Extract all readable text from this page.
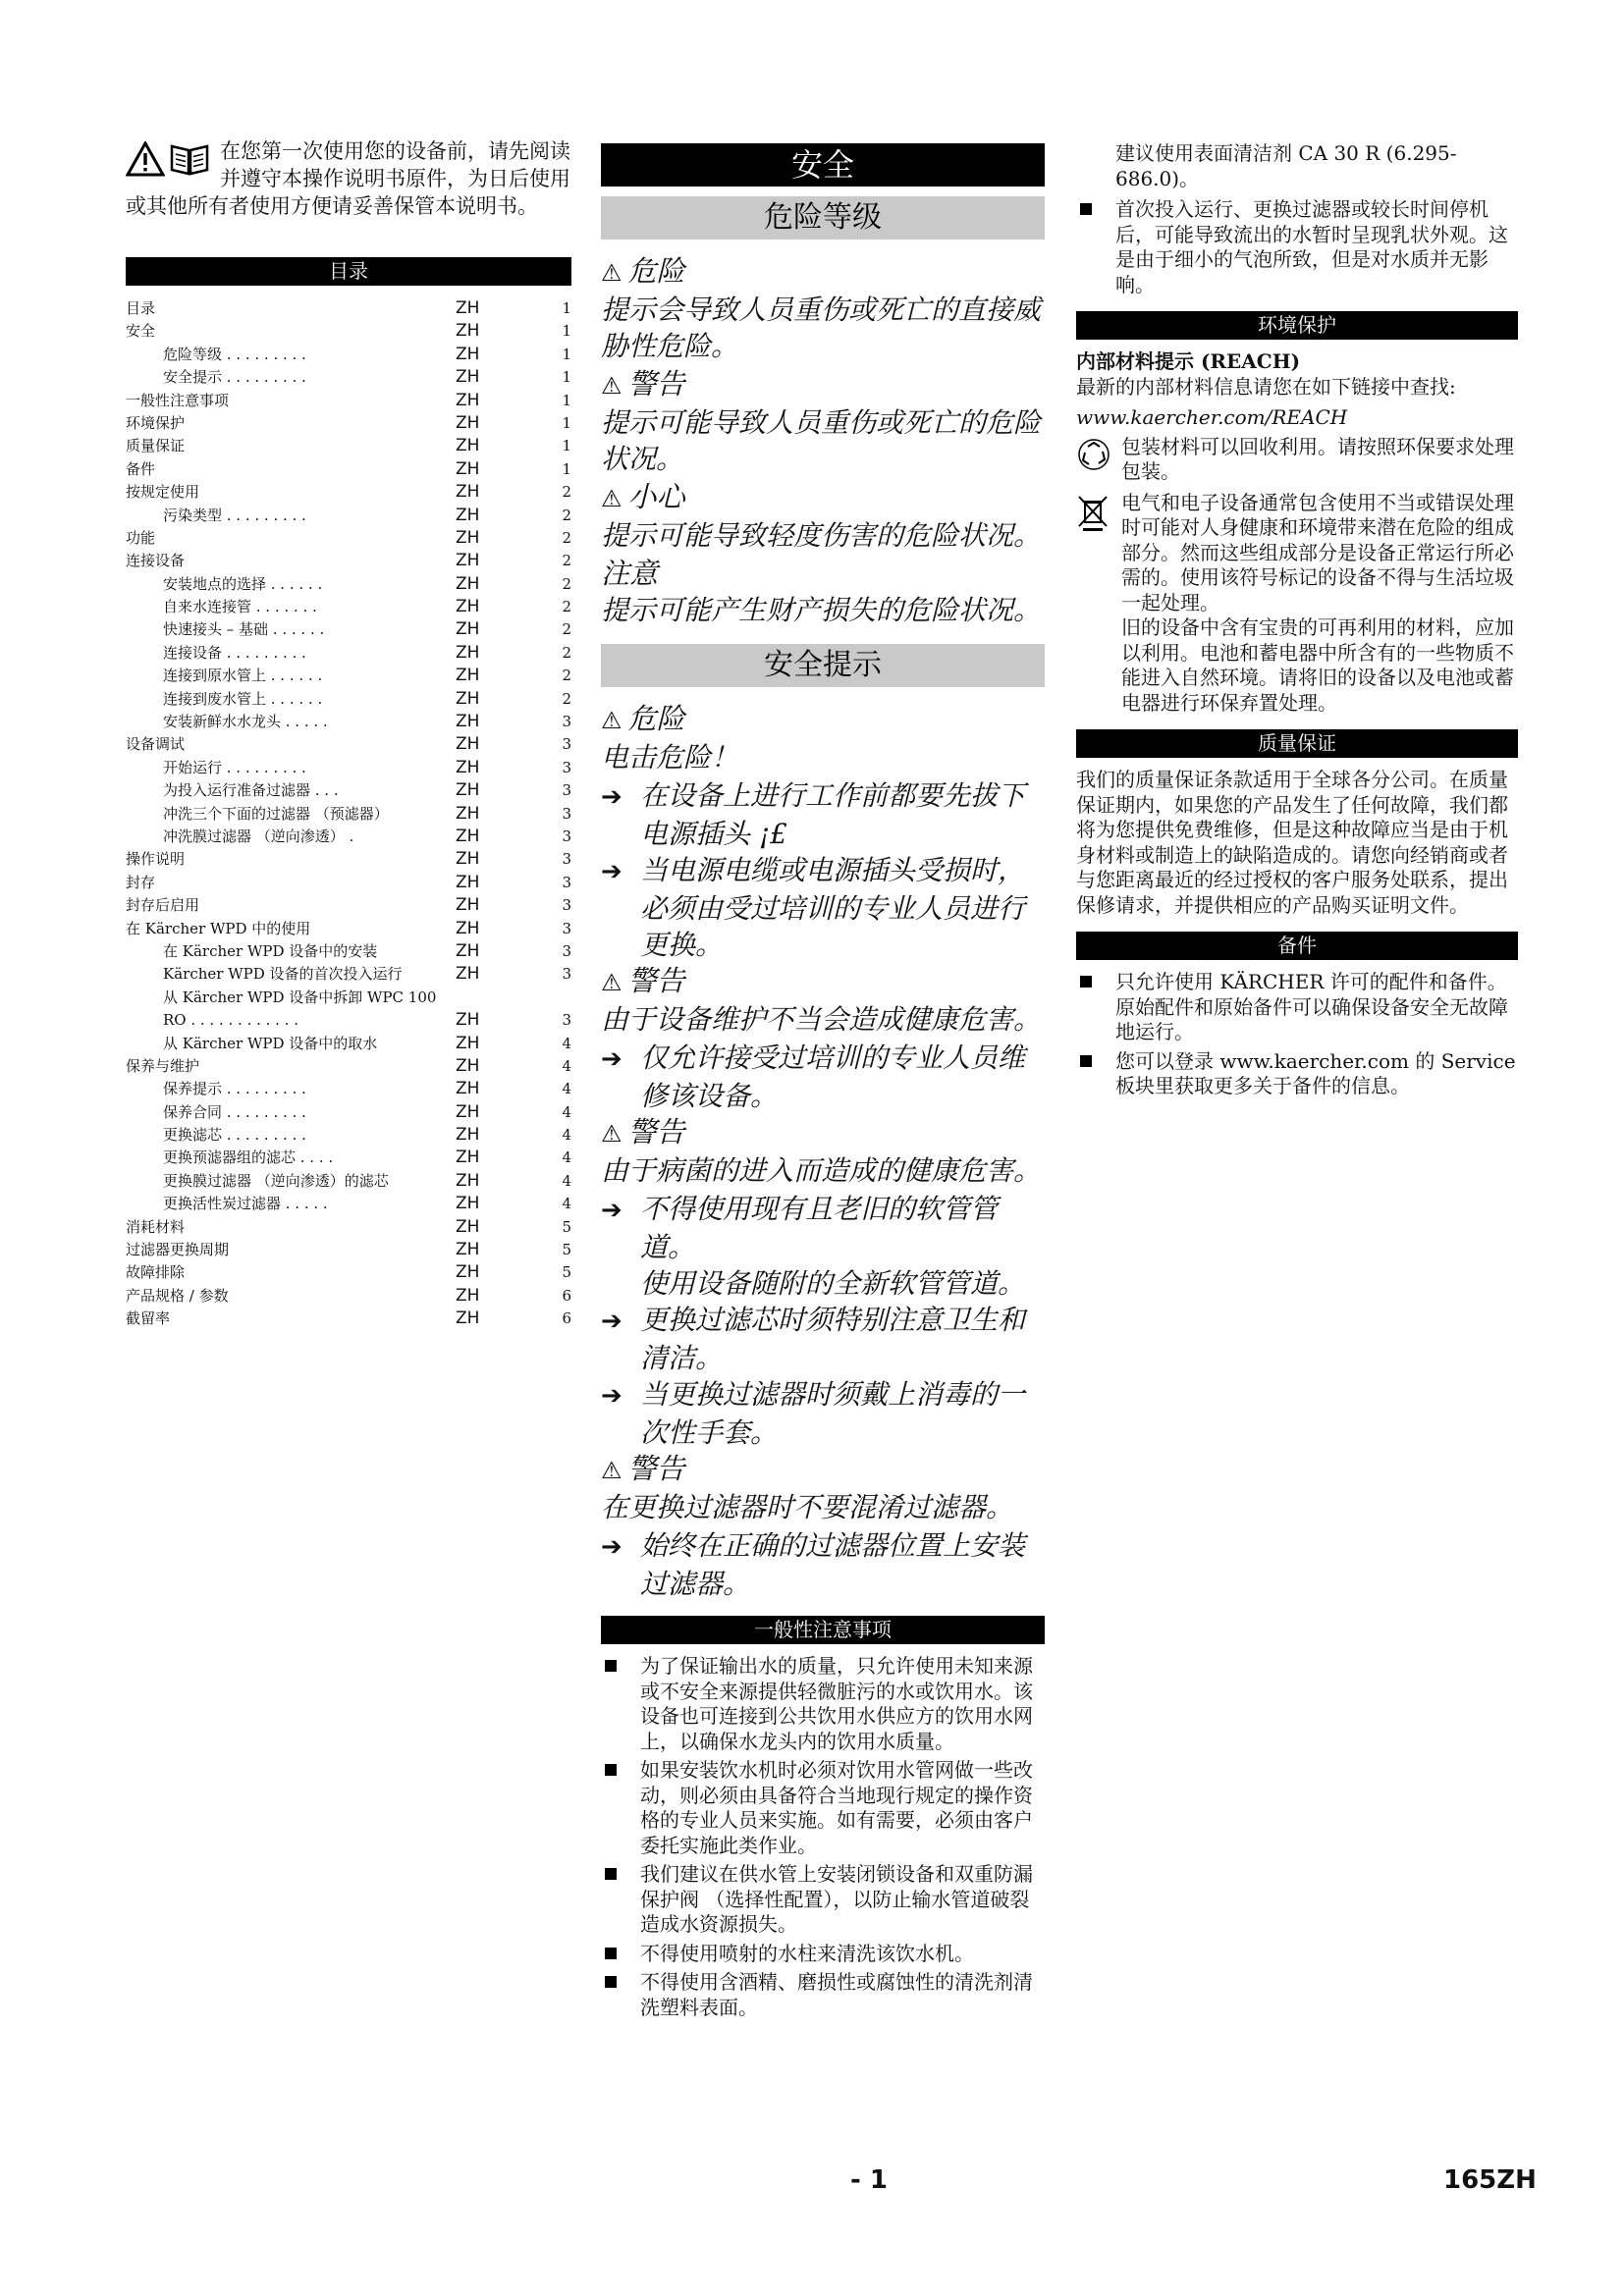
在您第一次使用您的设备前，请先阅读并遵守本操作说明书原件，为日后使用或其他所有者使用方便请妥善保管本说明书。
目录
目录	ZH	1
安全	ZH	1
危险等级 . . . . . . . . .	ZH	1
安全提示 . . . . . . . . .	ZH	1
一般性注意事项	ZH	1
环境保护	ZH	1
质量保证	ZH	1
备件	ZH	1
按规定使用	ZH	2
污染类型 . . . . . . . . .	ZH	2
功能	ZH	2
连接设备	ZH	2
安装地点的选择 . . . . . .	ZH	2
自来水连接管 . . . . . . .	ZH	2
快速接头 – 基础 . . . . . .	ZH	2
连接设备 . . . . . . . . .	ZH	2
连接到原水管上 . . . . . .	ZH	2
连接到废水管上 . . . . . .	ZH	2
安装新鲜水水龙头 . . . . .	ZH	3
设备调试	ZH	3
开始运行 . . . . . . . . .	ZH	3
为投入运行准备过滤器 . . .	ZH	3
冲洗三个下面的过滤器 （预滤器）	ZH	3
冲洗膜过滤器 （逆向渗透） .	ZH	3
操作说明	ZH	3
封存	ZH	3
封存后启用	ZH	3
在 Kärcher WPD 中的使用	ZH	3
在 Kärcher WPD 设备中的安装	ZH	3
Kärcher WPD 设备的首次投入运行	ZH	3
从 Kärcher WPD 设备中拆卸 WPC 100
RO . . . . . . . . . . . .	ZH	3
从 Kärcher WPD 设备中的取水	ZH	4
保养与维护	ZH	4
保养提示 . . . . . . . . .	ZH	4
保养合同 . . . . . . . . .	ZH	4
更换滤芯 . . . . . . . . .	ZH	4
更换预滤器组的滤芯 . . . .	ZH	4
更换膜过滤器 （逆向渗透）的滤芯	ZH	4
更换活性炭过滤器 . . . . .	ZH	4
消耗材料	ZH	5
过滤器更换周期	ZH	5
故障排除	ZH	5
产品规格 / 参数	ZH	6
截留率	ZH	6
安全
危险等级
⚠ 危险
提示会导致人员重伤或死亡的直接威胁性危险。
⚠ 警告
提示可能导致人员重伤或死亡的危险状况。
⚠ 小心
提示可能导致轻度伤害的危险状况。
注意
提示可能产生财产损失的危险状况。
安全提示
⚠ 危险
电击危险！
➔ 在设备上进行工作前都要先拔下电源插头 ¡£
➔ 当电源电缆或电源插头受损时，必须由受过培训的专业人员进行更换。
⚠ 警告
由于设备维护不当会造成健康危害。
➔ 仅允许接受过培训的专业人员维修该设备。
⚠ 警告
由于病菌的进入而造成的健康危害。
➔ 不得使用现有且老旧的软管管道。
使用设备随附的全新软管管道。
➔ 更换过滤芯时须特别注意卫生和清洁。
➔ 当更换过滤器时须戴上消毒的一次性手套。
⚠ 警告
在更换过滤器时不要混淆过滤器。
➔ 始终在正确的过滤器位置上安装过滤器。
一般性注意事项
为了保证输出水的质量，只允许使用未知来源或不安全来源提供轻微脏污的水或饮用水。该设备也可连接到公共饮用水供应方的饮用水网上，以确保水龙头内的饮用水质量。
如果安装饮水机时必须对饮用水管网做一些改动，则必须由具备符合当地现行规定的操作资格的专业人员来实施。如有需要，必须由客户委托实施此类作业。
我们建议在供水管上安装闭锁设备和双重防漏保护阀 （选择性配置），以防止输水管道破裂造成水资源损失。
不得使用喷射的水柱来清洗该饮水机。
不得使用含酒精、磨损性或腐蚀性的清洗剂清洗塑料表面。
建议使用表面清洁剂 CA 30 R (6.295-686.0)。
首次投入运行、更换过滤器或较长时间停机后，可能导致流出的水暂时呈现乳状外观。这是由于细小的气泡所致，但是对水质并无影响。
环境保护
内部材料提示 (REACH)
最新的内部材料信息请您在如下链接中查找:
www.kaercher.com/REACH
包装材料可以回收利用。请按照环保要求处理包装。
电气和电子设备通常包含使用不当或错误处理时可能对人身健康和环境带来潜在危险的组成部分。然而这些组成部分是设备正常运行所必需的。使用该符号标记的设备不得与生活垃圾一起处理。
旧的设备中含有宝贵的可再利用的材料，应加以利用。电池和蓄电器中所含有的一些物质不能进入自然环境。请将旧的设备以及电池或蓄电器进行环保弃置处理。
质量保证
我们的质量保证条款适用于全球各分公司。在质量保证期内，如果您的产品发生了任何故障，我们都将为您提供免费维修，但是这种故障应当是由于机身材料或制造上的缺陷造成的。请您向经销商或者与您距离最近的经过授权的客户服务处联系，提出保修请求，并提供相应的产品购买证明文件。
备件
只允许使用 KÄRCHER 许可的配件和备件。原始配件和原始备件可以确保设备安全无故障地运行。
您可以登录 www.kaercher.com 的 Service 板块里获取更多关于备件的信息。
- 1	165ZH
